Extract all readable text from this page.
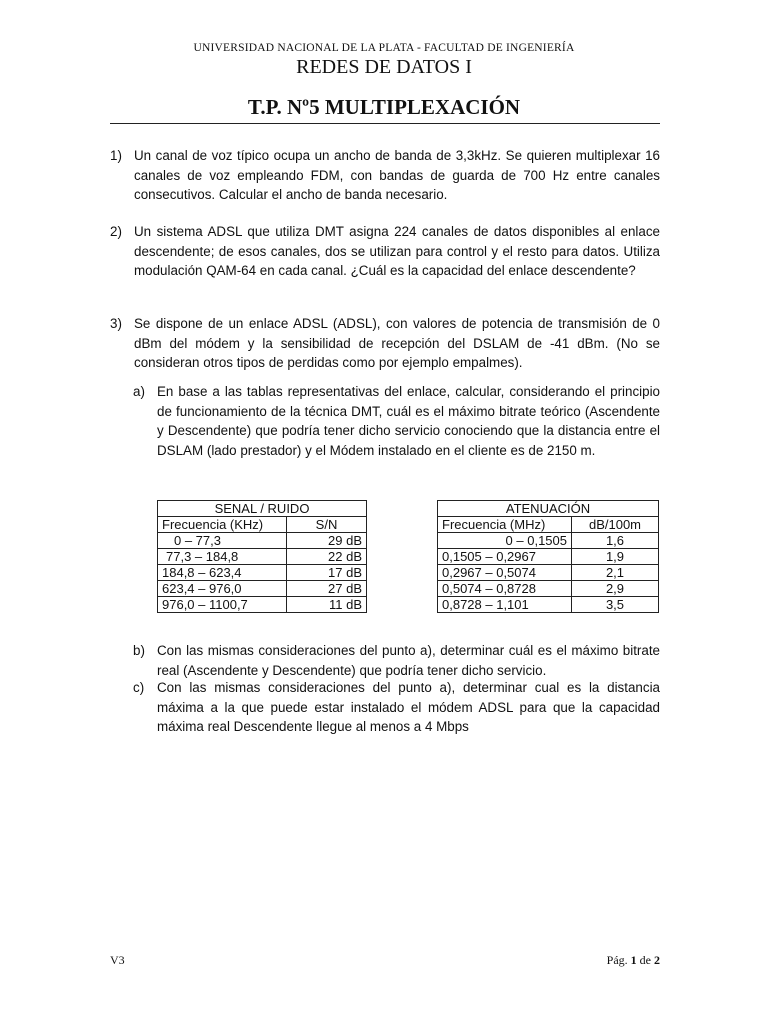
UNIVERSIDAD NACIONAL DE LA PLATA - FACULTAD DE INGENIERÍA
REDES DE DATOS I
T.P. Nº5 MULTIPLEXACIÓN
1) Un canal de voz típico ocupa un ancho de banda de 3,3kHz. Se quieren multiplexar 16 canales de voz empleando FDM, con bandas de guarda de 700 Hz entre canales consecutivos. Calcular el ancho de banda necesario.
2) Un sistema ADSL que utiliza DMT asigna 224 canales de datos disponibles al enlace descendente; de esos canales, dos se utilizan para control y el resto para datos. Utiliza modulación QAM-64 en cada canal. ¿Cuál es la capacidad del enlace descendente?
3) Se dispone de un enlace ADSL (ADSL), con valores de potencia de transmisión de 0 dBm del módem y la sensibilidad de recepción del DSLAM de -41 dBm. (No se consideran otros tipos de perdidas como por ejemplo empalmes).
a) En base a las tablas representativas del enlace, calcular, considerando el principio de funcionamiento de la técnica DMT, cuál es el máximo bitrate teórico (Ascendente y Descendente) que podría tener dicho servicio conociendo que la distancia entre el DSLAM (lado prestador) y el Módem instalado en el cliente es de 2150 m.
SENAL / RUIDO	
Frecuencia (KHz)	S/N
0 – 77,3	29 dB
77,3 – 184,8	22 dB
184,8 – 623,4	17 dB
623,4 – 976,0	27 dB
976,0 – 1100,7	11 dB
ATENUACIÓN	
Frecuencia (MHz)	dB/100m
0 – 0,1505	1,6
0,1505 – 0,2967	1,9
0,2967 – 0,5074	2,1
0,5074 – 0,8728	2,9
0,8728 – 1,101	3,5
b) Con las mismas consideraciones del punto a), determinar cuál es el máximo bitrate real (Ascendente y Descendente) que podría tener dicho servicio.
c) Con las mismas consideraciones del punto a), determinar cual es la distancia máxima a la que puede estar instalado el módem ADSL para que la capacidad máxima real Descendente llegue al menos a 4 Mbps
V3	Pág. 1 de 2
